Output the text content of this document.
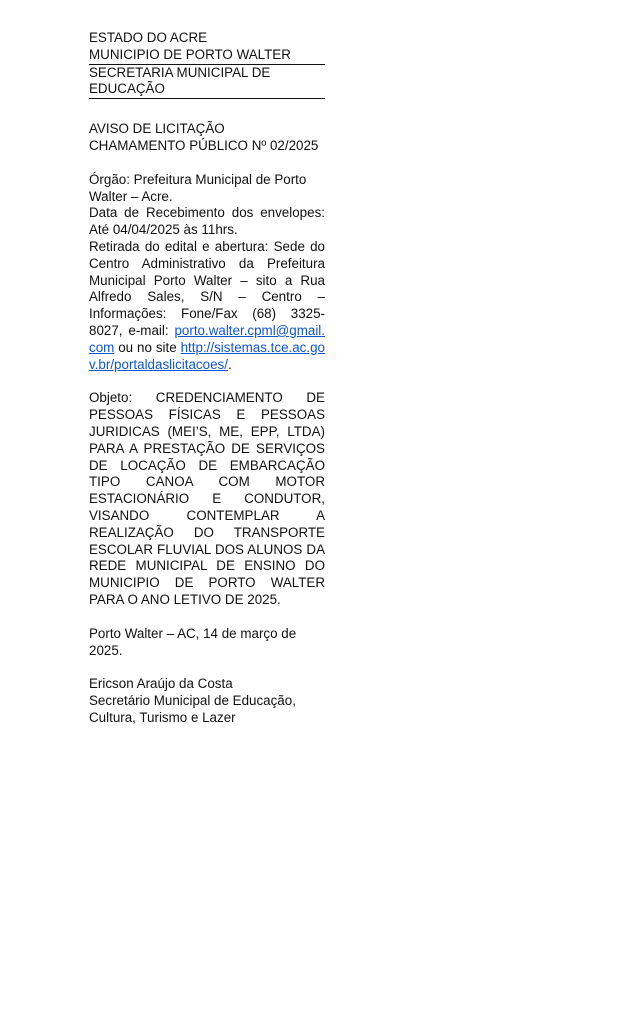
ESTADO DO ACRE
MUNICIPIO DE PORTO WALTER
SECRETARIA MUNICIPAL DE
EDUCAÇÃO
AVISO DE LICITAÇÃO
CHAMAMENTO PÚBLICO Nº 02/2025
Órgão: Prefeitura Municipal de Porto Walter – Acre.
Data de Recebimento dos envelopes: Até 04/04/2025 às 11hrs.
Retirada do edital e abertura: Sede do Centro Administrativo da Prefeitura Municipal Porto Walter – sito a Rua Alfredo Sales, S/N – Centro – Informações: Fone/Fax (68) 3325-8027, e-mail: porto.walter.cpml@gmail.com ou no site http://sistemas.tce.ac.gov.br/portaldaslicitacoes/.
Objeto: CREDENCIAMENTO DE PESSOAS FÍSICAS E PESSOAS JURIDICAS (MEI’S, ME, EPP, LTDA) PARA A PRESTAÇÃO DE SERVIÇOS DE LOCAÇÃO DE EMBARCAÇÃO TIPO CANOA COM MOTOR ESTACIONÁRIO E CONDUTOR, VISANDO CONTEMPLAR A REALIZAÇÃO DO TRANSPORTE ESCOLAR FLUVIAL DOS ALUNOS DA REDE MUNICIPAL DE ENSINO DO MUNICIPIO DE PORTO WALTER PARA O ANO LETIVO DE 2025.
Porto Walter – AC, 14 de março de 2025.
Ericson Araújo da Costa
Secretário Municipal de Educação, Cultura, Turismo e Lazer
